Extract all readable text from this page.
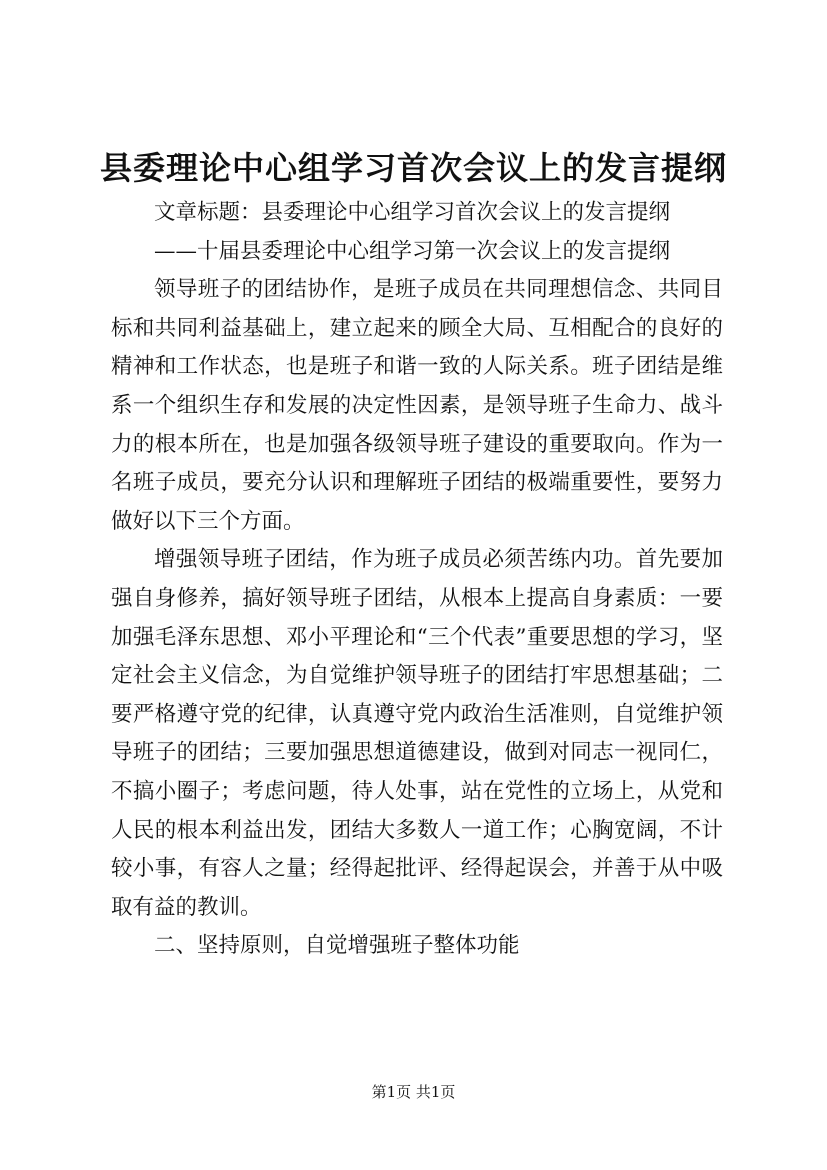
县委理论中心组学习首次会议上的发言提纲

文章标题：县委理论中心组学习首次会议上的发言提纲

——十届县委理论中心组学习第一次会议上的发言提纲

领导班子的团结协作，是班子成员在共同理想信念、共同目标和共同利益基础上，建立起来的顾全大局、互相配合的良好的精神和工作状态，也是班子和谐一致的人际关系。班子团结是维系一个组织生存和发展的决定性因素，是领导班子生命力、战斗力的根本所在，也是加强各级领导班子建设的重要取向。作为一名班子成员，要充分认识和理解班子团结的极端重要性，要努力做好以下三个方面。

增强领导班子团结，作为班子成员必须苦练内功。首先要加强自身修养，搞好领导班子团结，从根本上提高自身素质：一要加强毛泽东思想、邓小平理论和“三个代表”重要思想的学习，坚定社会主义信念，为自觉维护领导班子的团结打牢思想基础；二要严格遵守党的纪律，认真遵守党内政治生活准则，自觉维护领导班子的团结；三要加强思想道德建设，做到对同志一视同仁，不搞小圈子；考虑问题，待人处事，站在党性的立场上，从党和人民的根本利益出发，团结大多数人一道工作；心胸宽阔，不计较小事，有容人之量；经得起批评、经得起误会，并善于从中吸取有益的教训。

二、坚持原则，自觉增强班子整体功能

第1页 共1页
